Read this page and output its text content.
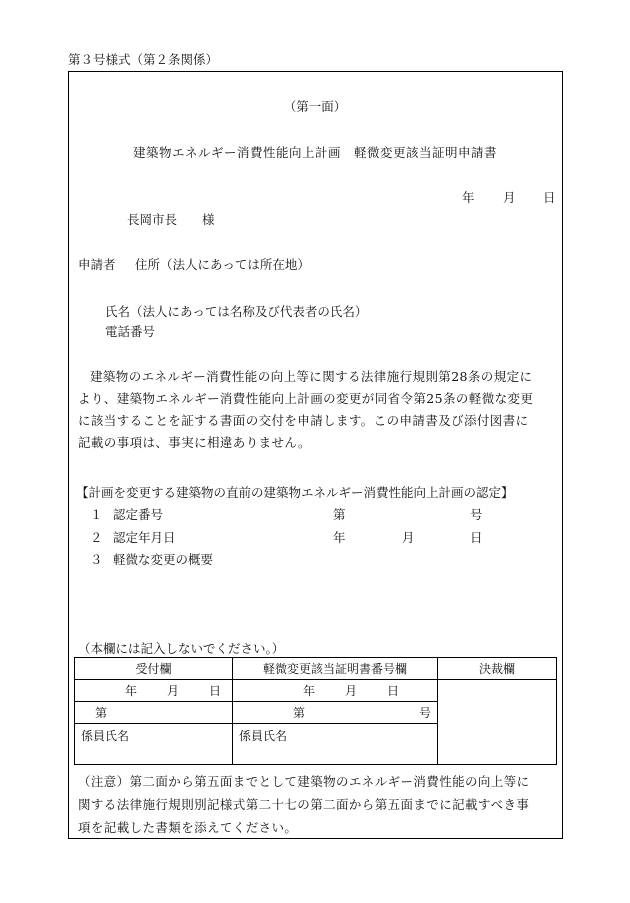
第３号様式（第２条関係）
（第一面）
建築物エネルギー消費性能向上計画　軽微変更該当証明申請書
年 月 日
長岡市長　　様
申請者 住所（法人にあっては所在地）
氏名（法人にあっては名称及び代表者の氏名）
電話番号
建築物のエネルギー消費性能の向上等に関する法律施行規則第28条の規定に
より、建築物エネルギー消費性能向上計画の変更が同省令第25条の軽微な変更
に該当することを証する書面の交付を申請します。この申請書及び添付図書に
記載の事項は、事実に相違ありません。
【計画を変更する建築物の直前の建築物エネルギー消費性能向上計画の認定】
１ 認定番号	第	号
２ 認定年月日	年	月	日
３ 軽微な変更の概要
（本欄には記入しないでください。）
受付欄	軽微変更該当証明書番号欄	決裁欄
年 月 日	年 月 日	
第	第 号	

係員氏名	係員氏名	
（注意）第二面から第五面までとして建築物のエネルギー消費性能の向上等に
関する法律施行規則別記様式第二十七の第二面から第五面までに記載すべき事
項を記載した書類を添えてください。
